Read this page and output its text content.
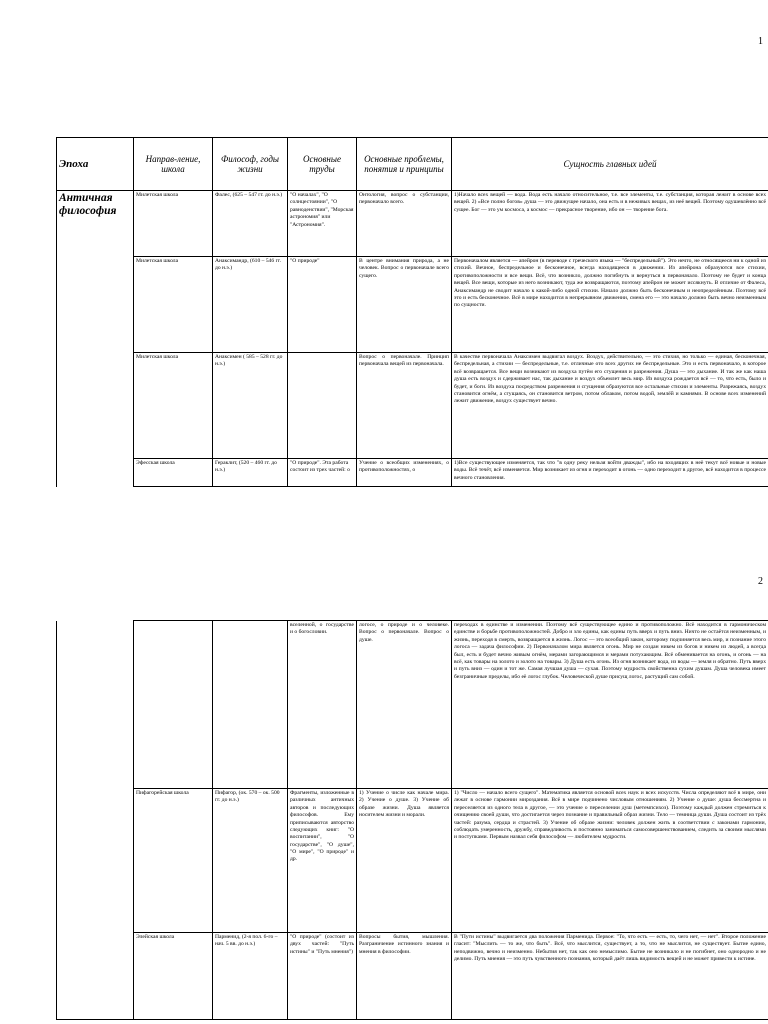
1
Эпоха	Направ-ление, школа	Философ, годы жизни	Основные труды	Основные проблемы, понятия и принципы	Сущность главных идей

Античная философия	Милетская школа	Фалес, (625 – 547 гг. до н.э.)	"О началах", "О солнцестоянии", "О равноденствии", "Морская астрономия" или "Астрономия".	Онтология, вопрос о субстанции, первоначало всего.	1)Начало всех вещей — вода. Вода есть начало относительное, т.е. все элементы, т.е. субстанция, которая лежит в основе всех вещей. 2) «Все полно богов» душа — это движущее начало, она есть и в неживых вещах, из неё вещей. Поэтому одушевлённо всё сущее. Бог — это ум космоса, а космос — прекрасное творение, ибо он — творение бога.

	Милетская школа	Анаксимандр, (610 – 546 гг. до н.э.)	"О природе"	В центре внимания природа, а не человек. Вопрос о первоначале всего сущего.	Первоначалом является — апейрон (в переводе с греческого языка — "беспредельный"). Это нечто, не относящееся ни к одной из стихий. Вечное, беспредельное и бесконечное, всегда находящееся в движении. Из апейрона образуются все стихии, противоположности и все вещи. Всё, что возникло, должно погибнуть и вернуться в первоначало. Поэтому не будет и конца вещей. Все вещи, которые из него возникают, туда же возвращаются, поэтому апейрон не может иссякнуть. В отличие от Фалеса, Анаксимандр не сводит начало к какой-либо одной стихии. Начало должно быть бесконечным и неопределённым. Поэтому всё это и есть бесконечное. Всё в мире находится в непрерывном движении, смена его — это начало должно быть вечно неизменным по сущности.

	Милетская школа	Анаксимен ( 585 – 528 гг. до н.э.)		Вопрос о первоначале. Принцип первоначала вещей из первоначала.	В качестве первоначала Анаксимен выдвигал воздух. Воздух, действительно, — это стихия, но только — единая, бесконечная, беспредельная, а стихии — беспредельные, т.е. отличные ото всех других не беспредельные. Это и есть первоначало, в которое всё возвращается. Все вещи возникают из воздуха путём его сгущения и разрежения. Душа — это дыхание. И так же как наша душа есть воздух и сдерживает нас, так дыхание и воздух объемлет весь мир. Из воздуха рождается всё — то, что есть, было и будет, и боги. Из воздуха посредством разрежения и сгущения образуются все остальные стихии и элементы. Разрежаясь, воздух становится огнём, а сгущаясь, он становится ветром, потом облаком, потом водой, землёй и камнями. В основе всех изменений лежит движение, воздух существует вечно.

	Эфесская школа	Гераклит, (520 – 460 гг. до н.э.)	"О природе". Эта работа состоит из трех частей: о	Учение о всеобщих изменениях, о противоположностях, о	1)Все существующее изменяется, так что "в одну реку нельзя войти дважды", ибо на входящих в неё текут всё новые и новые воды. Всё течёт, всё изменяется. Мир возникает из огня и переходит в огонь — одно переходит в другое, всё находится в процессе вечного становления.
2

			вселенной, о государстве и о богословии.	логосе, о природе и о человеке. Вопрос о первоначале. Вопрос о душе.	переходах в единстве и изменении. Поэтому всё существующее едино и противоположно. Всё находится в гармоническом единстве и борьбе противоположностей. Добро и зло едины, как едины путь вверх и путь вниз. Ничто не остаётся неизменным, и жизнь, переходя в смерть, возвращается в жизнь. Логос — это всеобщий закон, которому подчиняется весь мир, и познание этого логоса — задача философии. 2) Первоначалом мира является огонь. Мир не создан никем из богов и никем из людей, а всегда был, есть и будет вечно живым огнём, мерами загорающимся и мерами потухающим. Всё обменивается на огонь, и огонь — на всё, как товары на золото и золото на товары. 3) Душа есть огонь. Из огня возникает вода, из воды — земля и обратно. Путь вверх и путь вниз — один и тот же. Самая лучшая душа — сухая. Поэтому мудрость свойственна сухим душам. Душа человека имеет безграничные пределы, ибо её логос глубок. Человеческой душе присущ логос, растущий сам собой.

	Пифагорейская школа	Пифагор, (ок. 570 – ок. 500 гг. до н.э.)	Фрагменты, изложенные в различных античных авторов и последующих философов. Ему приписываются авторство следующих книг: "О воспитании", "О государстве", "О душе", "О мире", "О природе" и др.	1) Учение о числе как начале мира. 2) Учение о душе. 3) Учение об образе жизни. Душа является носителем жизни и морали.	1) "Число — начало всего сущего". Математика является основой всех наук и всех искусств. Числа определяют всё в мире, они лежат в основе гармонии мироздания. Всё в мире подчинено числовым отношениям. 2) Учение о душе: душа бессмертна и переселяется из одного тела в другое, — это учение о переселении душ (метемпсихоз). Поэтому каждый должен стремиться к очищению своей души, что достигается через познание и правильный образ жизни. Тело — темница души. Душа состоит из трёх частей: разума, сердца и страстей. 3) Учение об образе жизни: человек должен жить в соответствии с законами гармонии, соблюдать умеренность, дружбу, справедливость и постоянно заниматься самосовершенствованием, следить за своими мыслями и поступками. Первым назвал себя философом — любителем мудрости.

	Элейская школа	Парменид, (2-я пол. 6-го – нач. 5 вв. до н.э.)	"О природе" (состоит из двух частей: "Путь истины" и "Путь мнения")	Вопросы бытия, мышления. Разграничение истинного знания и мнения в философии.	В "Пути истины" выдвигается два положения Парменида. Первое: "То, что есть — есть, то, чего нет, — нет". Второе положение гласит: "Мыслить — то же, что быть". Всё, что мыслится, существует, а то, что не мыслится, не существует. Бытие едино, неподвижно, вечно и неизменно. Небытия нет, так как оно немыслимо. Бытие не возникало и не погибнет, оно однородно и не делимо. Путь мнения — это путь чувственного познания, который даёт лишь видимость вещей и не может привести к истине.
